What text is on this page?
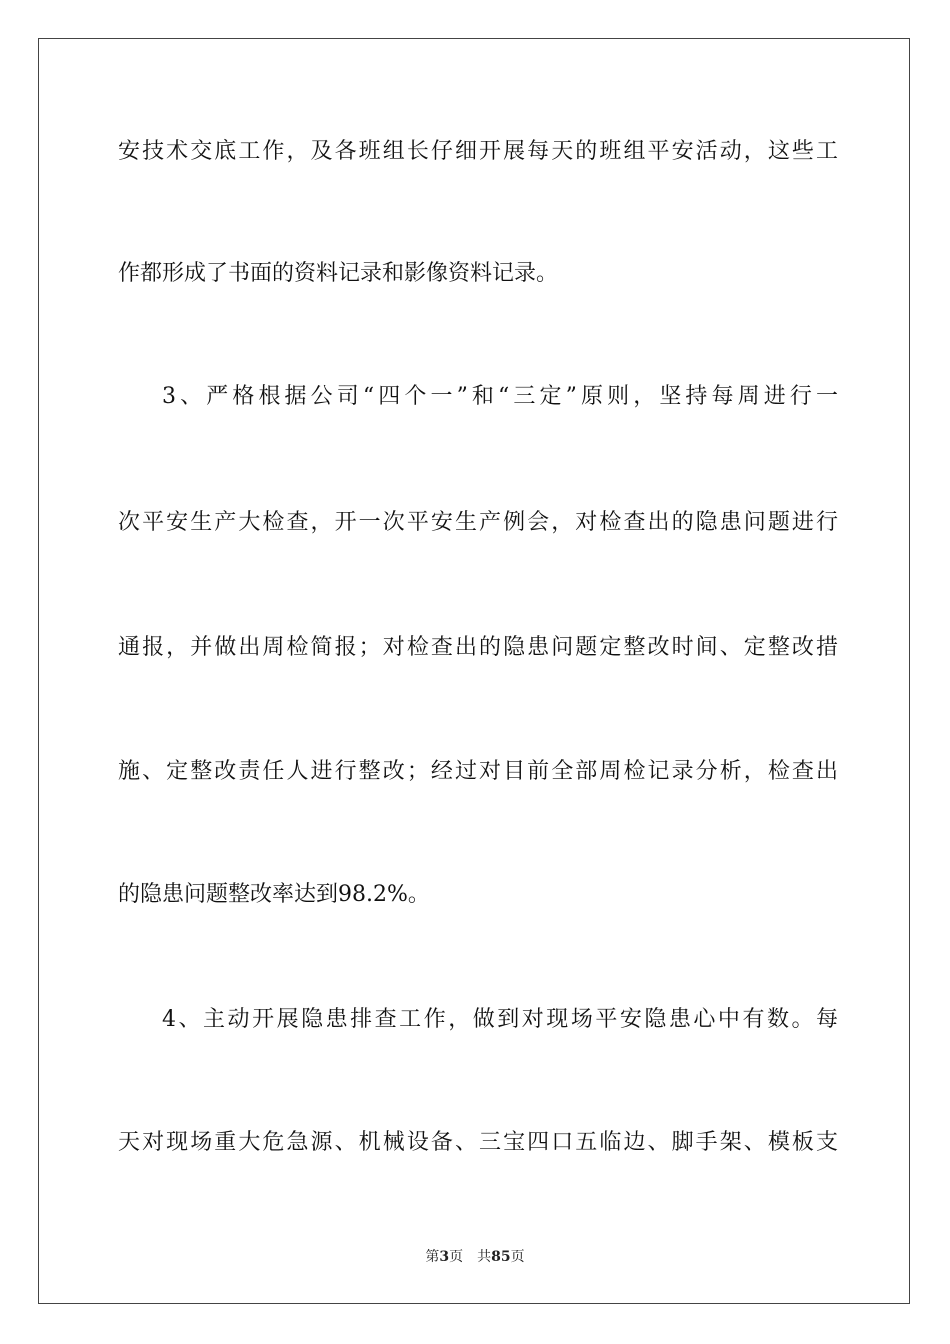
安技术交底工作，及各班组长仔细开展每天的班组平安活动，这些工
作都形成了书面的资料记录和影像资料记录。
3、严格根据公司“四个一”和“三定”原则，坚持每周进行一
次平安生产大检查，开一次平安生产例会，对检查出的隐患问题进行
通报，并做出周检简报；对检查出的隐患问题定整改时间、定整改措
施、定整改责任人进行整改；经过对目前全部周检记录分析，检查出
的隐患问题整改率达到98.2%。
4、主动开展隐患排查工作，做到对现场平安隐患心中有数。每
天对现场重大危急源、机械设备、三宝四口五临边、脚手架、模板支
第3页 共85页
